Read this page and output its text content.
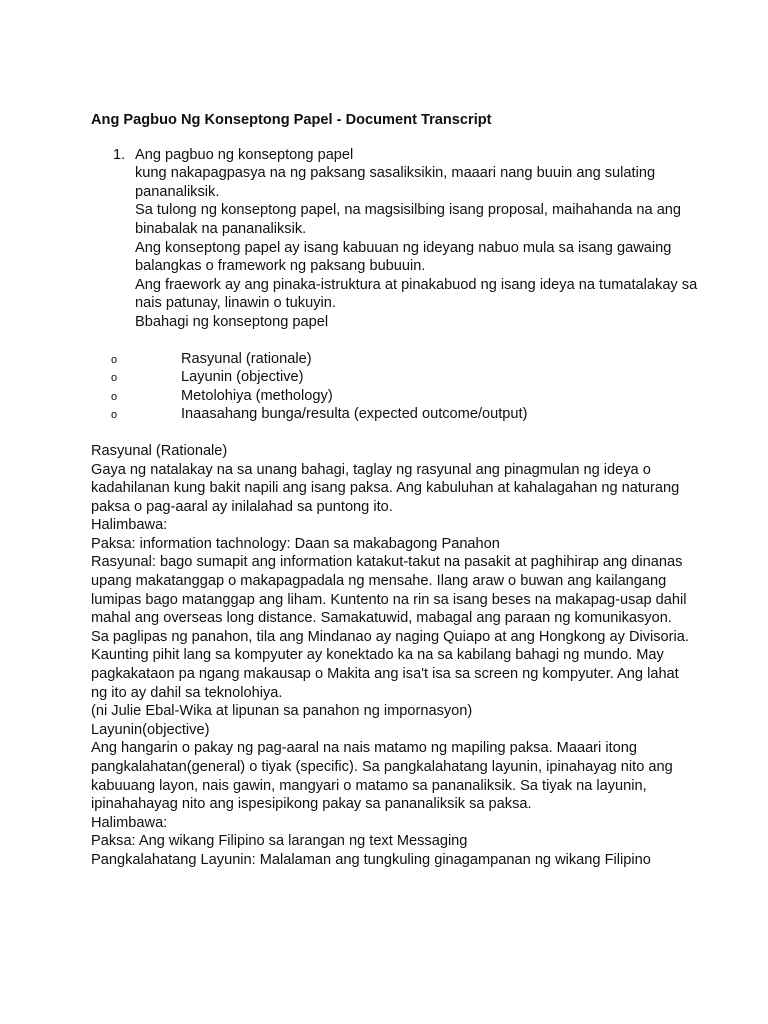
Ang Pagbuo Ng Konseptong Papel - Document Transcript
1. Ang pagbuo ng konseptong papel

kung nakapagpasya na ng paksang sasaliksikin, maaari nang buuin ang sulating pananaliksik.

Sa tulong ng konseptong papel, na magsisilbing isang proposal, maihahanda na ang binabalak na pananaliksik.

Ang konseptong papel ay isang kabuuan ng ideyang nabuo mula sa isang gawaing balangkas o framework ng paksang bubuuin.

Ang fraework ay ang pinaka-istruktura at pinakabuod ng isang ideya na tumatalakay sa nais patunay, linawin o tukuyin.

Bbahagi ng konseptong papel

o	Rasyunal (rationale)
o	Layunin (objective)
o	Metolohiya (methology)
o	Inaasahang bunga/resulta (expected outcome/output)

Rasyunal (Rationale)

Gaya ng natalakay na sa unang bahagi, taglay ng rasyunal ang pinagmulan ng ideya o kadahilanan kung bakit napili ang isang paksa. Ang kabuluhan at kahalagahan ng naturang paksa o pag-aaral ay inilalahad sa puntong ito.

Halimbawa:

Paksa: information tachnology: Daan sa makabagong Panahon

Rasyunal: bago sumapit ang information katakut-takut na pasakit at paghihirap ang dinanas upang makatanggap o makapagpadala ng mensahe. Ilang araw o buwan ang kailangang lumipas bago matanggap ang liham. Kuntento na rin sa isang beses na makapag-usap dahil mahal ang overseas long distance. Samakatuwid, mabagal ang paraan ng komunikasyon.

Sa paglipas ng panahon, tila ang Mindanao ay naging Quiapo at ang Hongkong ay Divisoria. Kaunting pihit lang sa kompyuter ay konektado ka na sa kabilang bahagi ng mundo. May pagkakataon pa ngang makausap o Makita ang isa't isa sa screen ng kompyuter. Ang lahat ng ito ay dahil sa teknolohiya.

(ni Julie Ebal-Wika at lipunan sa panahon ng impornasyon)

Layunin(objective)

Ang hangarin o pakay ng pag-aaral na nais matamo ng mapiling paksa. Maaari itong pangkalahatan(general) o tiyak (specific). Sa pangkalahatang layunin, ipinahayag nito ang kabuuang layon, nais gawin, mangyari o matamo sa pananaliksik. Sa tiyak na layunin, ipinahahayag nito ang ispesipikong pakay sa pananaliksik sa paksa.

Halimbawa:

Paksa: Ang wikang Filipino sa larangan ng text Messaging

Pangkalahatang Layunin: Malalaman ang tungkuling ginagampanan ng wikang Filipino
